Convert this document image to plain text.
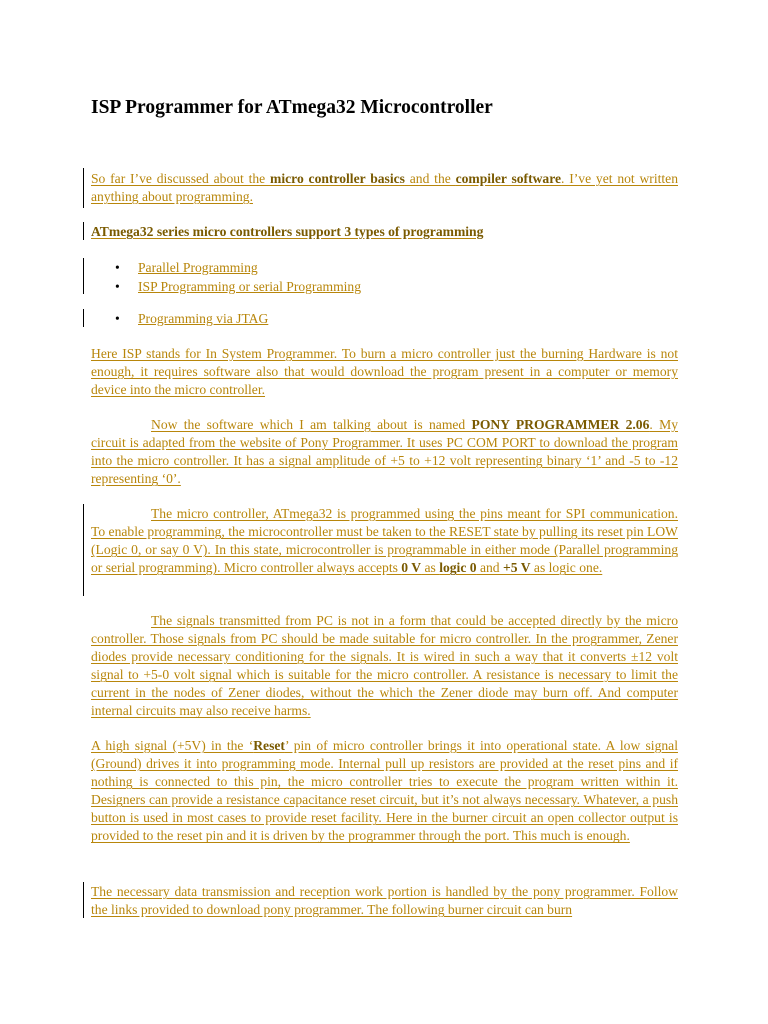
ISP Programmer for ATmega32 Microcontroller
So far I’ve discussed about the micro controller basics and the compiler software. I’ve yet not written anything about programming.
ATmega32 series micro controllers support 3 types of programming
• Parallel Programming
• ISP Programming or serial Programming
• Programming via JTAG
Here ISP stands for In System Programmer. To burn a micro controller just the burning Hardware is not enough, it requires software also that would download the program present in a computer or memory device into the micro controller.
Now the software which I am talking about is named PONY PROGRAMMER 2.06. My circuit is adapted from the website of Pony Programmer. It uses PC COM PORT to download the program into the micro controller. It has a signal amplitude of +5 to +12 volt representing binary ‘1’ and -5 to -12 representing ‘0’.
The micro controller, ATmega32 is programmed using the pins meant for SPI communication. To enable programming, the microcontroller must be taken to the RESET state by pulling its reset pin LOW (Logic 0, or say 0 V). In this state, microcontroller is programmable in either mode (Parallel programming or serial programming). Micro controller always accepts 0 V as logic 0 and +5 V as logic one.
The signals transmitted from PC is not in a form that could be accepted directly by the micro controller. Those signals from PC should be made suitable for micro controller. In the programmer, Zener diodes provide necessary conditioning for the signals. It is wired in such a way that it converts ±12 volt signal to +5-0 volt signal which is suitable for the micro controller. A resistance is necessary to limit the current in the nodes of Zener diodes, without the which the Zener diode may burn off. And computer internal circuits may also receive harms.
A high signal (+5V) in the ‘Reset’ pin of micro controller brings it into operational state. A low signal (Ground) drives it into programming mode. Internal pull up resistors are provided at the reset pins and if nothing is connected to this pin, the micro controller tries to execute the program written within it. Designers can provide a resistance capacitance reset circuit, but it’s not always necessary. Whatever, a push button is used in most cases to provide reset facility. Here in the burner circuit an open collector output is provided to the reset pin and it is driven by the programmer through the port. This much is enough.
The necessary data transmission and reception work portion is handled by the pony programmer. Follow the links provided to download pony programmer. The following burner circuit can burn
